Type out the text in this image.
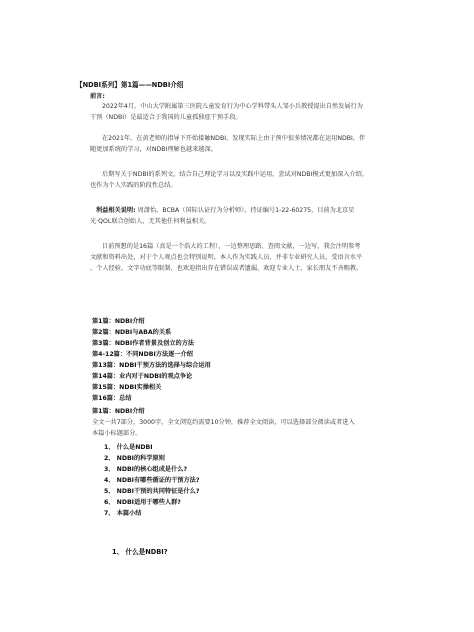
【NDBI系列】第1篇——NDBI介绍
前言:
2022年4月，中山大学附属第三医院儿童发育行为中心学科带头人邹小兵教授提出自然发展行为
干预（NDBI）是最适合于我国的儿童孤独症干预手段。
在2021年，在黄老师的指导下开始接触NDBI，发现实际上由于预中很多情况都在运用NDBI，伴
随更加系统的学习，对NDBI理解也越来越深。
后期写关于NDBI的系列文，结合自己理论学习以及实践中运用，尝试对NDBI模式更加深入介绍，
也作为个人实践的阶段性总结。
利益相关说明: 周潇怡，BCBA（国际认证行为分析师），持证编号1-22-60275，目前为北京星
光·QOL联合创始人，无其他任何利益相关。
目前预想的是16篇（真是一个浩大的工程），一边整理思路、查阅文献，一边写，我会注明参考
文献和资料出处，对于个人观点也会特别说明，本人作为实践人员，并非专业研究人员，受语言水平
、个人经验、文字功底等限制，也欢迎指出存在错误或者遗漏，欢迎专业人士、家长朋友不吝赐教。
第1篇：NDBI介绍
第2篇：NDBI与ABA的关系
第3篇：NDBI作者背景及创立的方法
第4-12篇：不同NDBI方法逐一介绍
第13篇：NDBI干预方法的选择与综合运用
第14篇：业内对于NDBI的观点争论
第15篇：NDBI实操相关
第16篇：总结
第1篇：NDBI介绍
全文一共7部分，3000字，全文浏览约需要10分钟，推荐全文阅读，可以选择部分阅读或者进入
本篇小标题部分。
1、 什么是NDBI
2、 NDBI的科学原则
3、 NDBI的核心组成是什么?
4、 NDBI有哪些循证的干预方法?
5、 NDBI干预的共同特征是什么?
6、 NDBI适用于哪些人群?
7、 本篇小结
1、 什么是NDBI?
